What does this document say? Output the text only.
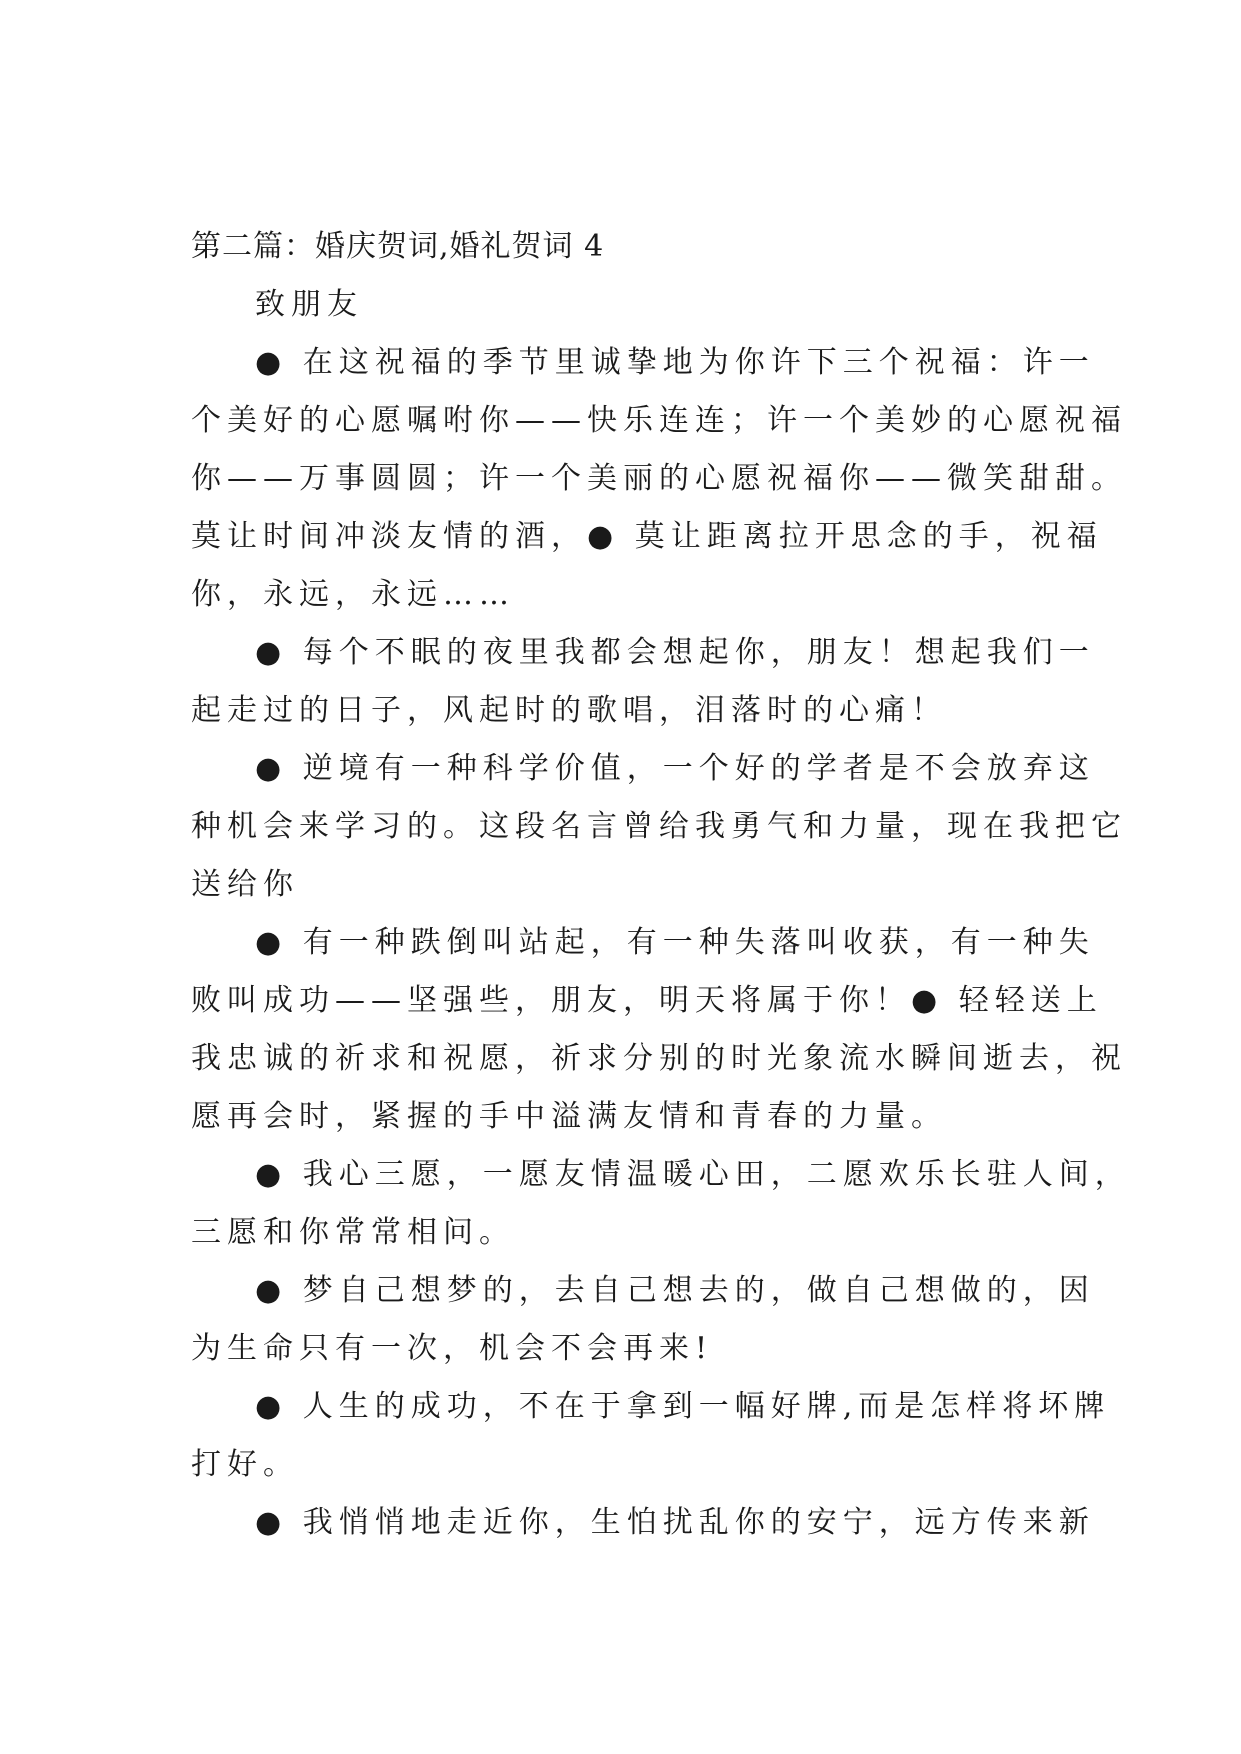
第二篇：婚庆贺词,婚礼贺词 4
致朋友
● 在这祝福的季节里诚挚地为你许下三个祝福：许一
个美好的心愿嘱咐你——快乐连连；许一个美妙的心愿祝福
你——万事圆圆；许一个美丽的心愿祝福你——微笑甜甜。
莫让时间冲淡友情的酒，● 莫让距离拉开思念的手，祝福
你，永远，永远……
● 每个不眠的夜里我都会想起你，朋友！想起我们一
起走过的日子，风起时的歌唱，泪落时的心痛！
● 逆境有一种科学价值，一个好的学者是不会放弃这
种机会来学习的。这段名言曾给我勇气和力量，现在我把它
送给你
● 有一种跌倒叫站起，有一种失落叫收获，有一种失
败叫成功——坚强些，朋友，明天将属于你！● 轻轻送上
我忠诚的祈求和祝愿，祈求分别的时光象流水瞬间逝去，祝
愿再会时，紧握的手中溢满友情和青春的力量。
● 我心三愿，一愿友情温暖心田，二愿欢乐长驻人间，
三愿和你常常相问。
● 梦自己想梦的，去自己想去的，做自己想做的，因
为生命只有一次，机会不会再来!
● 人生的成功，不在于拿到一幅好牌,而是怎样将坏牌
打好。
● 我悄悄地走近你，生怕扰乱你的安宁，远方传来新
